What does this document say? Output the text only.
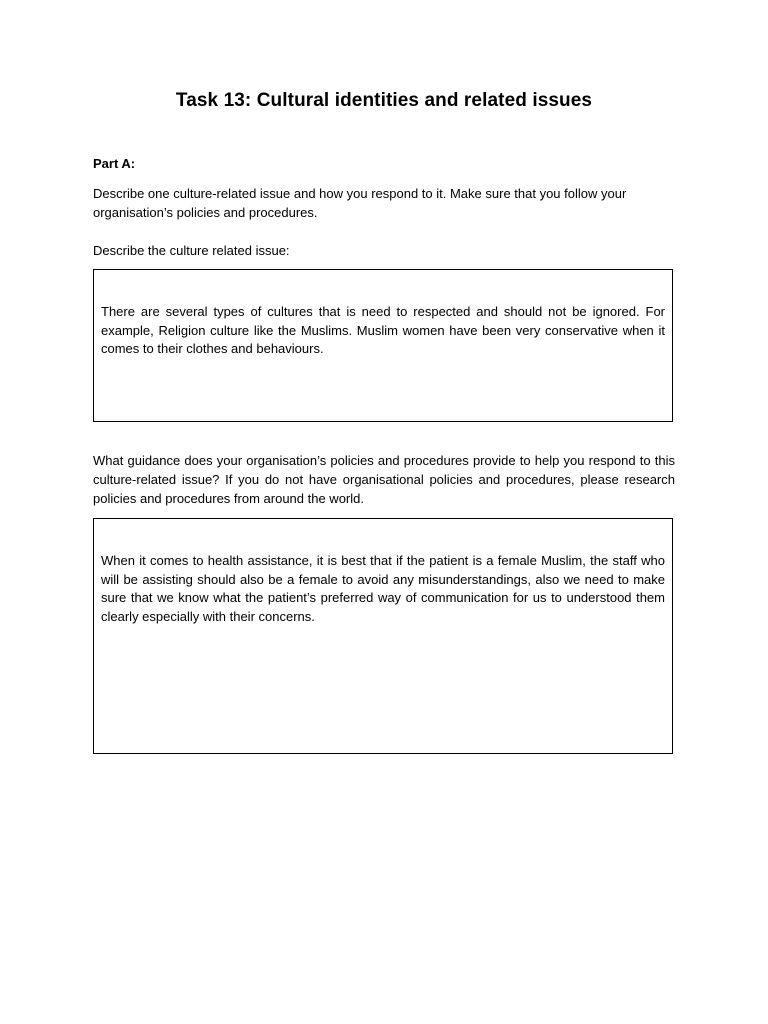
Task 13: Cultural identities and related issues
Part A:
Describe one culture-related issue and how you respond to it. Make sure that you follow your organisation’s policies and procedures.
Describe the culture related issue:
There are several types of cultures that is need to respected and should not be ignored. For example, Religion culture like the Muslims. Muslim women have been very conservative when it comes to their clothes and behaviours.
What guidance does your organisation’s policies and procedures provide to help you respond to this culture-related issue? If you do not have organisational policies and procedures, please research policies and procedures from around the world.
When it comes to health assistance, it is best that if the patient is a female Muslim, the staff who will be assisting should also be a female to avoid any misunderstandings, also we need to make sure that we know what the patient’s preferred way of communication for us to understood them clearly especially with their concerns.
